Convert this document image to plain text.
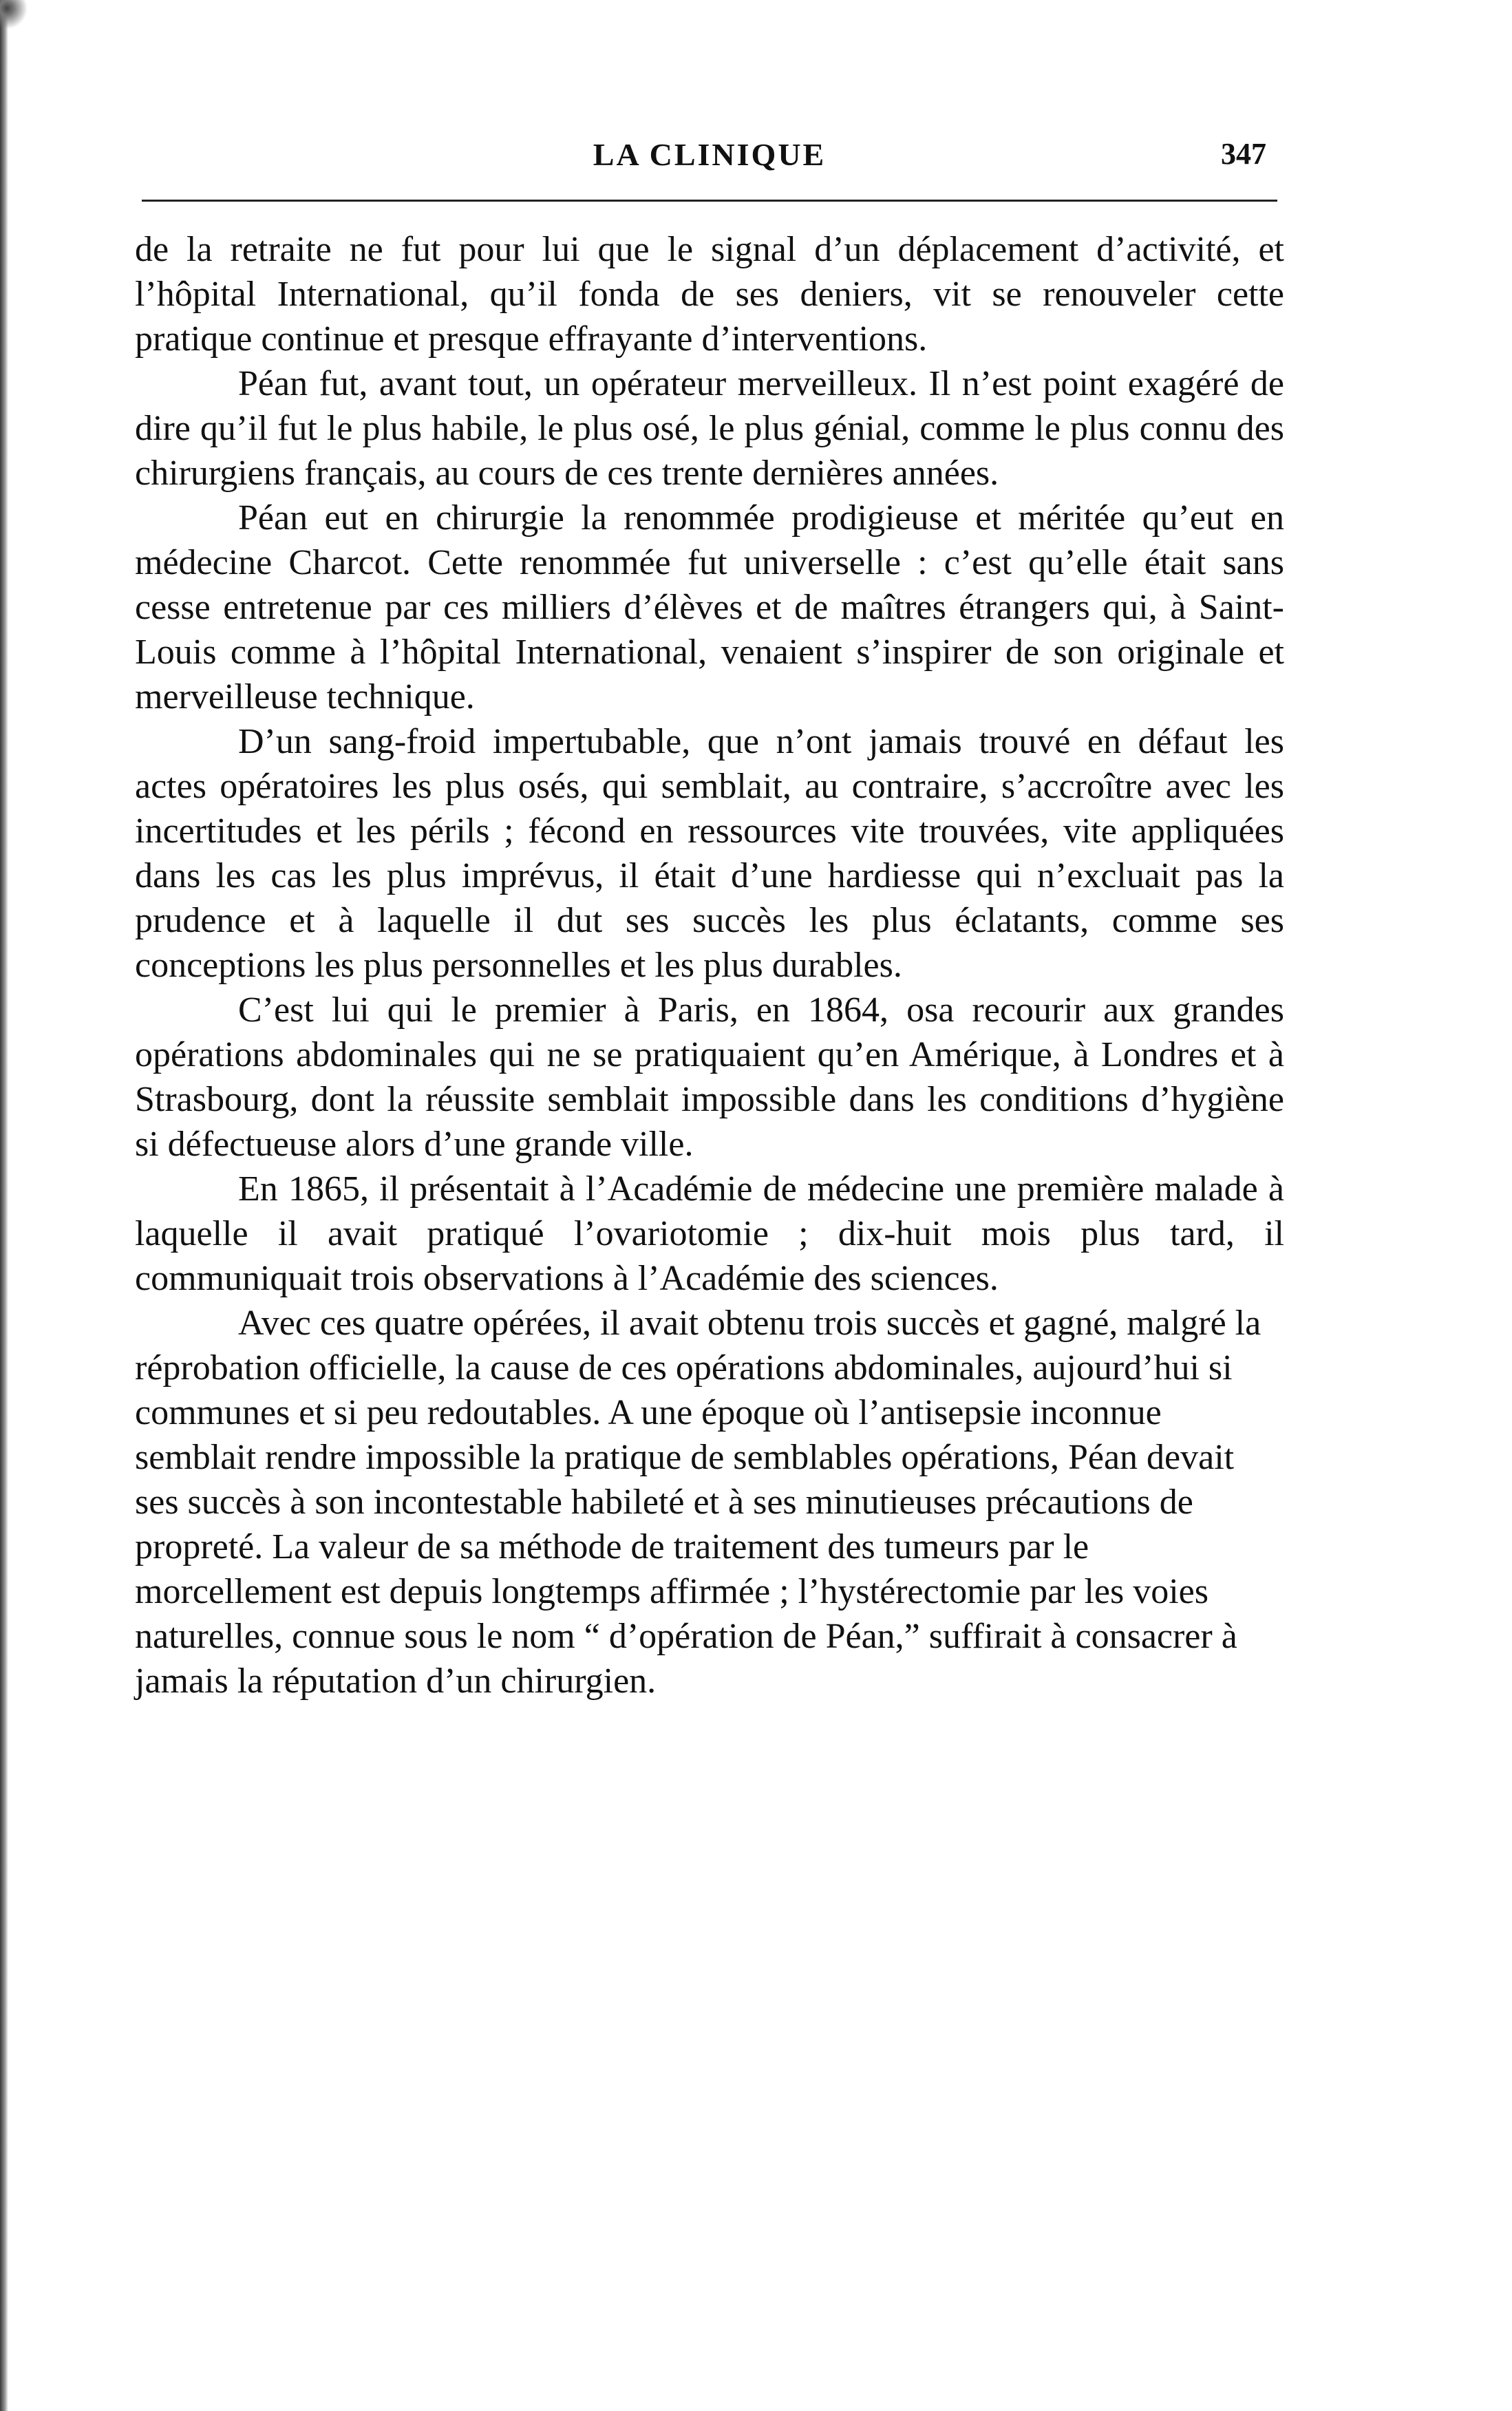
LA CLINIQUE	347

de la retraite ne fut pour lui que le signal d’un déplacement d’activité, et l’hôpital International, qu’il fonda de ses deniers, vit se renouveler cette pratique continue et presque effrayante d’interventions.

Péan fut, avant tout, un opérateur merveilleux. Il n’est point exagéré de dire qu’il fut le plus habile, le plus osé, le plus génial, comme le plus connu des chirurgiens français, au cours de ces trente dernières années.

Péan eut en chirurgie la renommée prodigieuse et méritée qu’eut en médecine Charcot. Cette renommée fut universelle : c’est qu’elle était sans cesse entretenue par ces milliers d’élèves et de maîtres étrangers qui, à Saint-Louis comme à l’hôpital International, venaient s’inspirer de son originale et merveilleuse technique.

D’un sang-froid impertubable, que n’ont jamais trouvé en défaut les actes opératoires les plus osés, qui semblait, au contraire, s’accroître avec les incertitudes et les périls ; fécond en ressources vite trouvées, vite appliquées dans les cas les plus imprévus, il était d’une hardiesse qui n’excluait pas la prudence et à laquelle il dut ses succès les plus éclatants, comme ses conceptions les plus personnelles et les plus durables.

C’est lui qui le premier à Paris, en 1864, osa recourir aux grandes opérations abdominales qui ne se pratiquaient qu’en Amérique, à Londres et à Strasbourg, dont la réussite semblait impossible dans les conditions d’hygiène si défectueuse alors d’une grande ville.

En 1865, il présentait à l’Académie de médecine une première malade à laquelle il avait pratiqué l’ovariotomie ; dix-huit mois plus tard, il communiquait trois observations à l’Académie des sciences.

Avec ces quatre opérées, il avait obtenu trois succès et gagné, malgré la réprobation officielle, la cause de ces opérations abdominales, aujourd’hui si communes et si peu redoutables. A une époque où l’antisepsie inconnue semblait rendre impossible la pratique de semblables opérations, Péan devait ses succès à son incontestable habileté et à ses minutieuses précautions de propreté. La valeur de sa méthode de traitement des tumeurs par le morcellement est depuis longtemps affirmée ; l’hystérectomie par les voies naturelles, connue sous le nom “ d’opération de Péan,” suffirait à consacrer à jamais la réputation d’un chirurgien.
